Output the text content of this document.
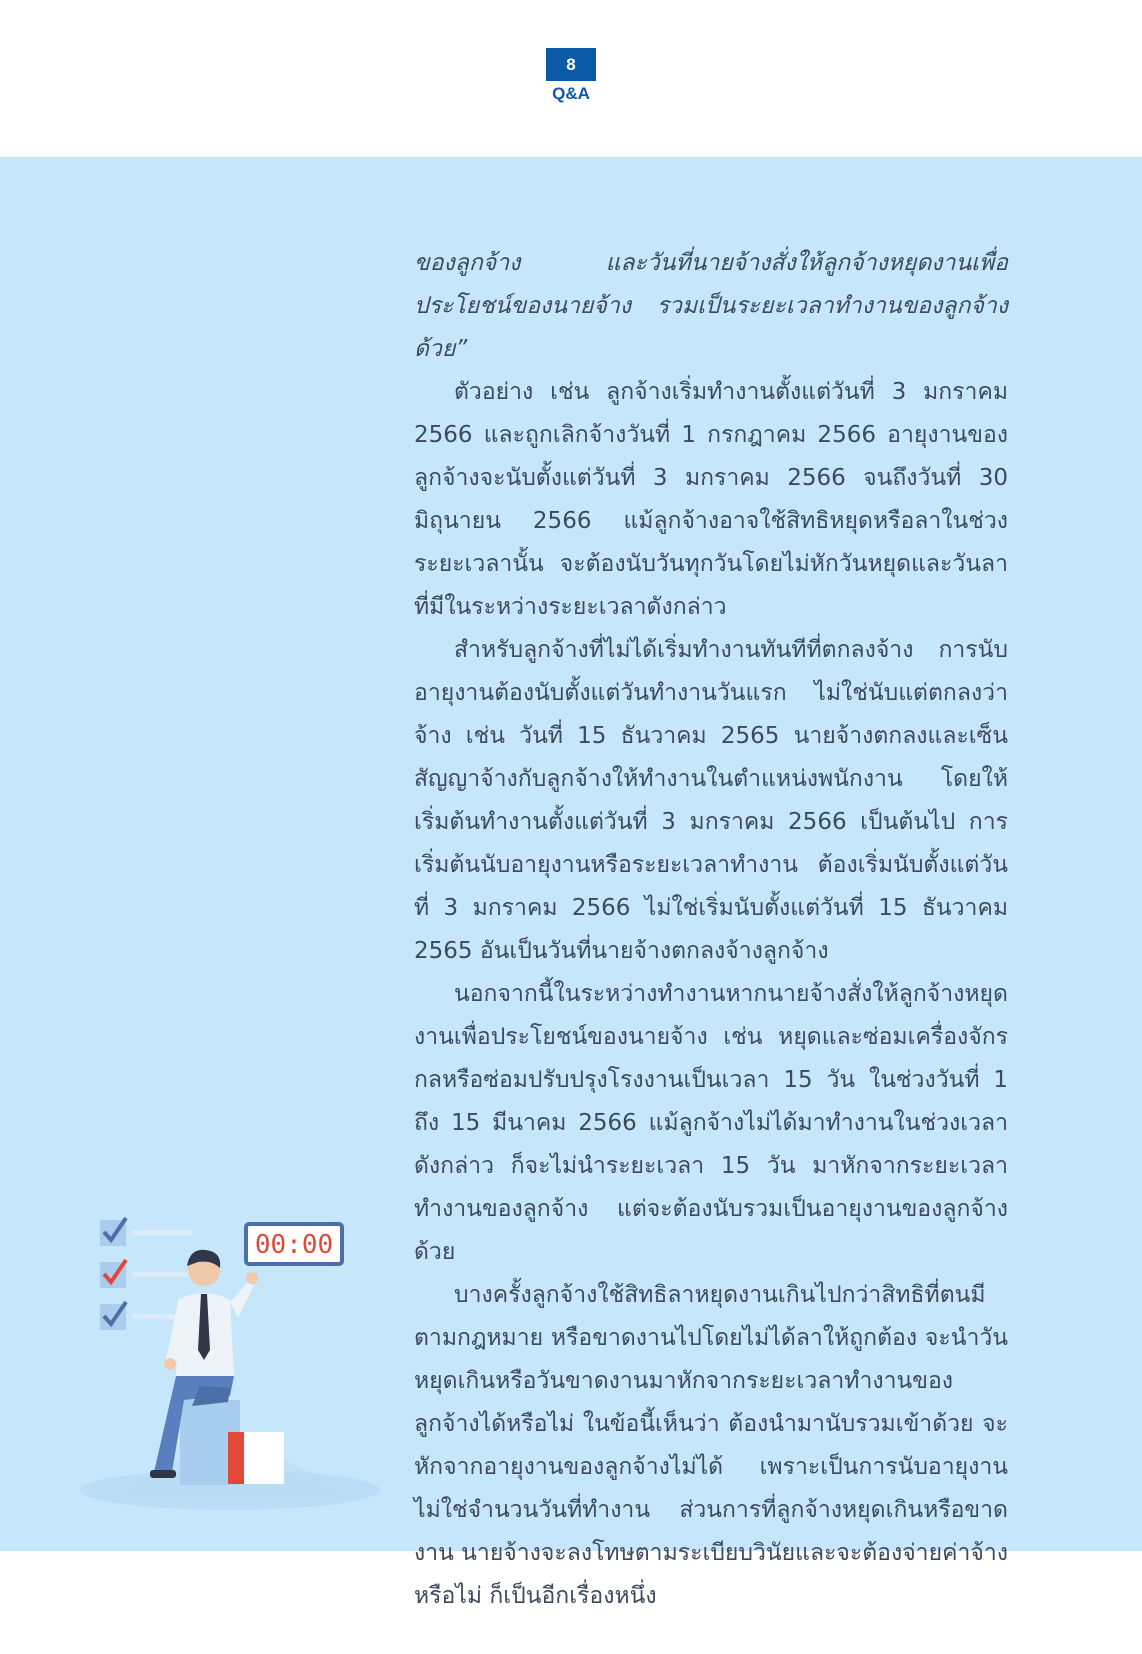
8
Q&A

ของลูกจ้าง และวันที่นายจ้างสั่งให้ลูกจ้างหยุดงานเพื่อประโยชน์ของนายจ้าง รวมเป็นระยะเวลาทำงานของลูกจ้างด้วย”

ตัวอย่าง เช่น ลูกจ้างเริ่มทำงานตั้งแต่วันที่ 3 มกราคม 2566 และถูกเลิกจ้างวันที่ 1 กรกฎาคม 2566 อายุงานของลูกจ้างจะนับตั้งแต่วันที่ 3 มกราคม 2566 จนถึงวันที่ 30 มิถุนายน 2566 แม้ลูกจ้างอาจใช้สิทธิหยุดหรือลาในช่วงระยะเวลานั้น จะต้องนับวันทุกวันโดยไม่หักวันหยุดและวันลาที่มีในระหว่างระยะเวลาดังกล่าว

สำหรับลูกจ้างที่ไม่ได้เริ่มทำงานทันทีที่ตกลงจ้าง การนับอายุงานต้องนับตั้งแต่วันทำงานวันแรก ไม่ใช่นับแต่ตกลงว่าจ้าง เช่น วันที่ 15 ธันวาคม 2565 นายจ้างตกลงและเซ็นสัญญาจ้างกับลูกจ้างให้ทำงานในตำแหน่งพนักงาน โดยให้เริ่มต้นทำงานตั้งแต่วันที่ 3 มกราคม 2566 เป็นต้นไป การเริ่มต้นนับอายุงานหรือระยะเวลาทำงาน ต้องเริ่มนับตั้งแต่วันที่ 3 มกราคม 2566 ไม่ใช่เริ่มนับตั้งแต่วันที่ 15 ธันวาคม 2565 อันเป็นวันที่นายจ้างตกลงจ้างลูกจ้าง

นอกจากนี้ในระหว่างทำงานหากนายจ้างสั่งให้ลูกจ้างหยุดงานเพื่อประโยชน์ของนายจ้าง เช่น หยุดและซ่อมเครื่องจักรกลหรือซ่อมปรับปรุงโรงงานเป็นเวลา 15 วัน ในช่วงวันที่ 1 ถึง 15 มีนาคม 2566 แม้ลูกจ้างไม่ได้มาทำงานในช่วงเวลาดังกล่าว ก็จะไม่นำระยะเวลา 15 วัน มาหักจากระยะเวลาทำงานของลูกจ้าง แต่จะต้องนับรวมเป็นอายุงานของลูกจ้างด้วย

บางครั้งลูกจ้างใช้สิทธิลาหยุดงานเกินไปกว่าสิทธิที่ตนมีตามกฎหมาย หรือขาดงานไปโดยไม่ได้ลาให้ถูกต้อง จะนำวันหยุดเกินหรือวันขาดงานมาหักจากระยะเวลาทำงานของลูกจ้างได้หรือไม่ ในข้อนี้เห็นว่า ต้องนำมานับรวมเข้าด้วย จะหักจากอายุงานของลูกจ้างไม่ได้ เพราะเป็นการนับอายุงาน ไม่ใช่จำนวนวันที่ทำงาน ส่วนการที่ลูกจ้างหยุดเกินหรือขาดงาน นายจ้างจะลงโทษตามระเบียบวินัยและจะต้องจ่ายค่าจ้างหรือไม่ ก็เป็นอีกเรื่องหนึ่ง

00:00
